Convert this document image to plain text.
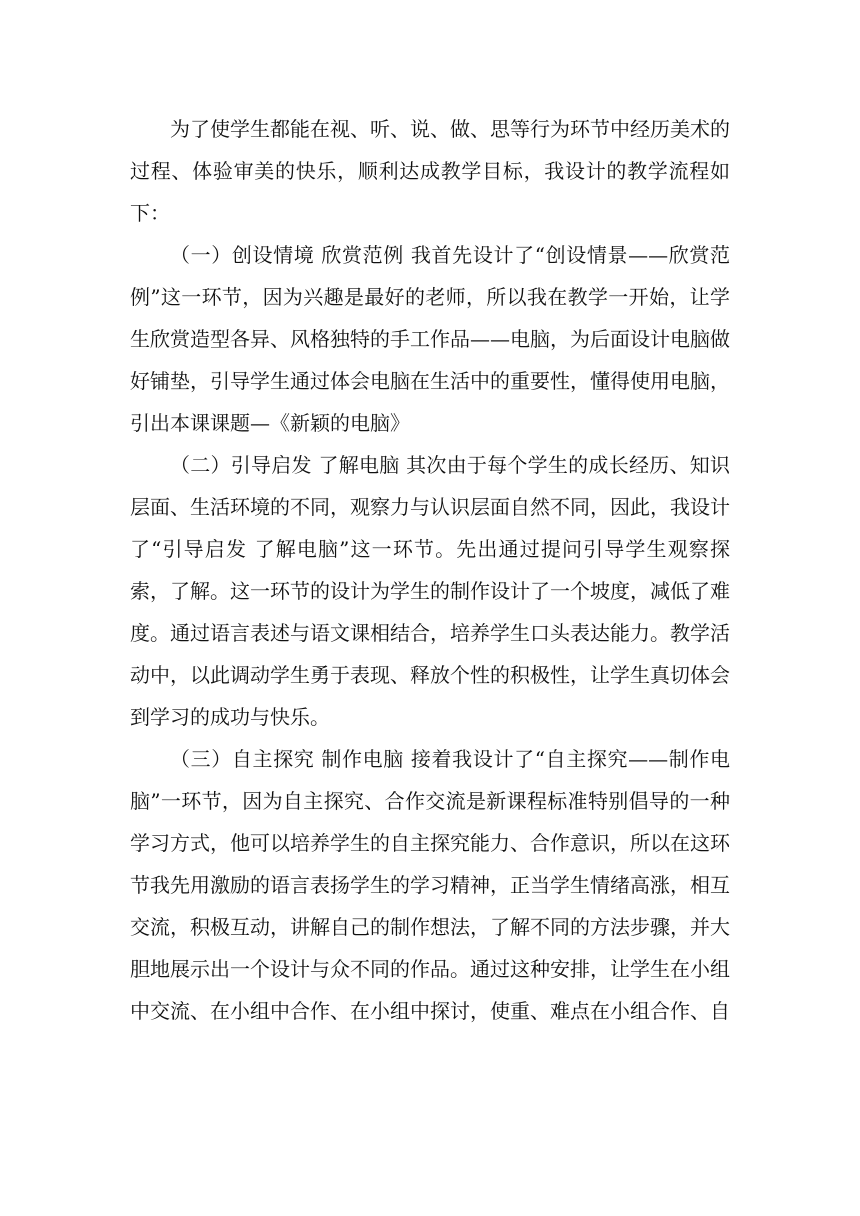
为了使学生都能在视、听、说、做、思等行为环节中经历美术的过程、体验审美的快乐，顺利达成教学目标，我设计的教学流程如下：

（一）创设情境 欣赏范例 我首先设计了“创设情景——欣赏范例”这一环节，因为兴趣是最好的老师，所以我在教学一开始，让学生欣赏造型各异、风格独特的手工作品——电脑，为后面设计电脑做好铺垫，引导学生通过体会电脑在生活中的重要性，懂得使用电脑，引出本课课题—《新颖的电脑》

（二）引导启发 了解电脑 其次由于每个学生的成长经历、知识层面、生活环境的不同，观察力与认识层面自然不同，因此，我设计了“引导启发 了解电脑”这一环节。先出通过提问引导学生观察探索，了解。这一环节的设计为学生的制作设计了一个坡度，减低了难度。通过语言表述与语文课相结合，培养学生口头表达能力。教学活动中，以此调动学生勇于表现、释放个性的积极性，让学生真切体会到学习的成功与快乐。

（三）自主探究 制作电脑 接着我设计了“自主探究——制作电脑”一环节，因为自主探究、合作交流是新课程标准特别倡导的一种学习方式，他可以培养学生的自主探究能力、合作意识，所以在这环节我先用激励的语言表扬学生的学习精神，正当学生情绪高涨，相互交流，积极互动，讲解自己的制作想法，了解不同的方法步骤，并大胆地展示出一个设计与众不同的作品。通过这种安排，让学生在小组中交流、在小组中合作、在小组中探讨，使重、难点在小组合作、自
